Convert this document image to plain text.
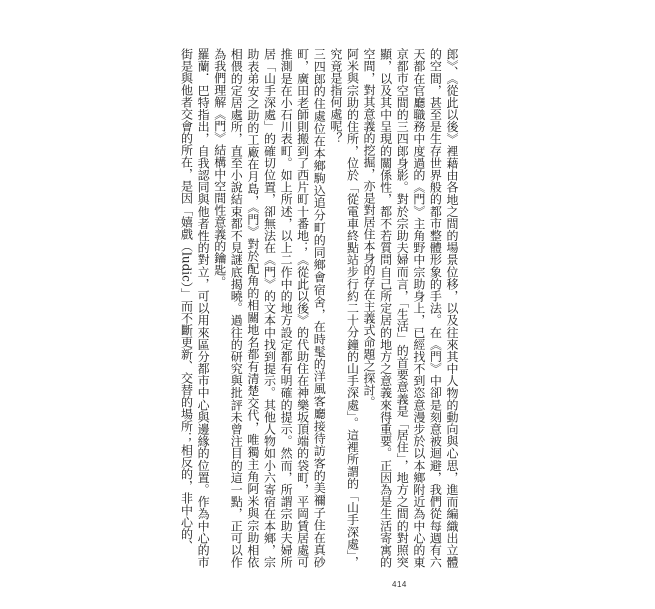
郎》、《從此以後》裡藉由各地之間的場景位移，以及往來其中人物的動向與心思，進而編織出立體的空間，甚至是生存世界般的都市整體形象的手法。在《門》中卻是刻意被迴避，我們從每週有六天都在官廳職務中度過的《門》主角野中宗助身上，已經找不到恣意漫步於以本鄉附近為中心的東京都市空間的三四郎身影。對於宗助夫婦而言，「生活」的首要意義是「居住」，地方之間的對照突顯，以及其中呈現的關係性，都不若質問自己所定居的地方之意義來得重要。正因為是生活寄寓的空間，對其意義的挖掘，亦是對居住本身的存在主義式命題之探討。

阿米與宗助的住所，位於「從電車終點站步行約二十分鐘的山手深處」。這裡所謂的「山手深處」，究竟是指何處呢？

三四郎的住處位在本鄉駒込追分町的同鄉會宿舍，在時髦的洋風客廳接待訪客的美禰子住在真砂町，廣田老師則搬到了西片町十番地；《從此以後》的代助住在神樂坂頂端的袋町，平岡賃居處可推測是在小石川表町。如上所述，以上二作中的地方設定都有明確的提示。然而，所謂宗助夫婦所居「山手深處」的確切位置，卻無法在《門》的文本中找到提示。其他人物如小六寄宿在本鄉，宗助表弟安之助的工廠在月島，《門》對於配角的相關地名都有清楚交代，唯獨主角阿米與宗助相依相偎的定居處所，直至小說結束都不見謎底揭曉。過往的研究與批評未曾注目的這一點，正可以作為我們理解《門》結構中空間性意義的鑰匙。

羅蘭．巴特指出，自我認同與他者性的對立，可以用來區分都市中心與邊緣的位置。作為中心的市街是與他者交會的所在，是因「嬉戲（ludic）」而不斷更新、交替的場所；相反的，非中心的、

414
